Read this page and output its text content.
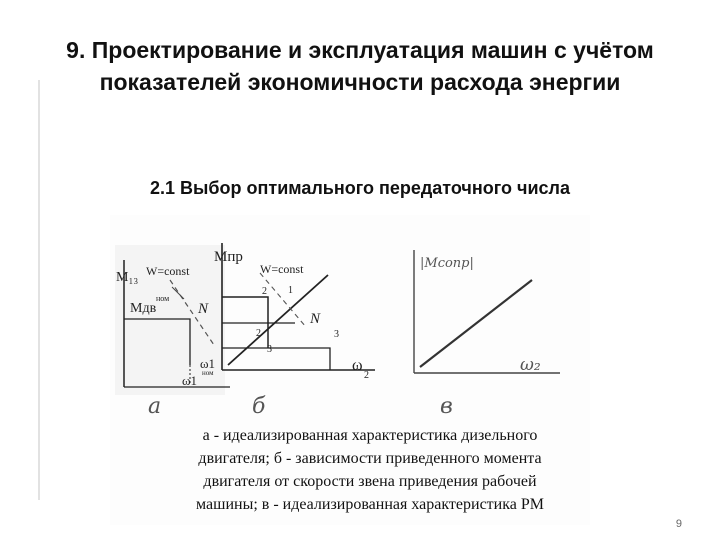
9. Проектирование и эксплуатация машин с учётом
показателей экономичности расхода энергии
2.1 Выбор оптимального передаточного числа
M₁₃ W=const
Mдв
ном
N
ω1
ω1 ном
а
Mпр
W=const
1
2
2
3
3
N
ω
2
б
|Mсопр|
ω₂
в
а - идеализированная характеристика дизельного
двигателя; б - зависимости приведенного момента
двигателя от скорости звена приведения рабочей
машины; в - идеализированная характеристика РМ
9
